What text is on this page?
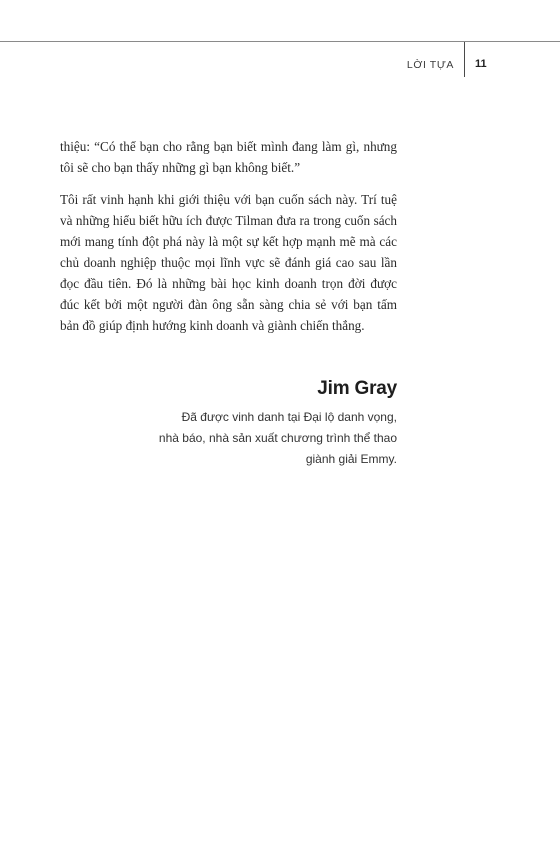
LỜI TỰA 11

thiệu: “Có thể bạn cho rằng bạn biết mình đang làm gì, nhưng tôi sẽ cho bạn thấy những gì bạn không biết.”

Tôi rất vinh hạnh khi giới thiệu với bạn cuốn sách này. Trí tuệ và những hiểu biết hữu ích được Tilman đưa ra trong cuốn sách mới mang tính đột phá này là một sự kết hợp mạnh mẽ mà các chủ doanh nghiệp thuộc mọi lĩnh vực sẽ đánh giá cao sau lần đọc đầu tiên. Đó là những bài học kinh doanh trọn đời được đúc kết bởi một người đàn ông sẵn sàng chia sẻ với bạn tấm bản đồ giúp định hướng kinh doanh và giành chiến thắng.

Jim Gray
Đã được vinh danh tại Đại lộ danh vọng,
nhà báo, nhà sản xuất chương trình thể thao
giành giải Emmy.
